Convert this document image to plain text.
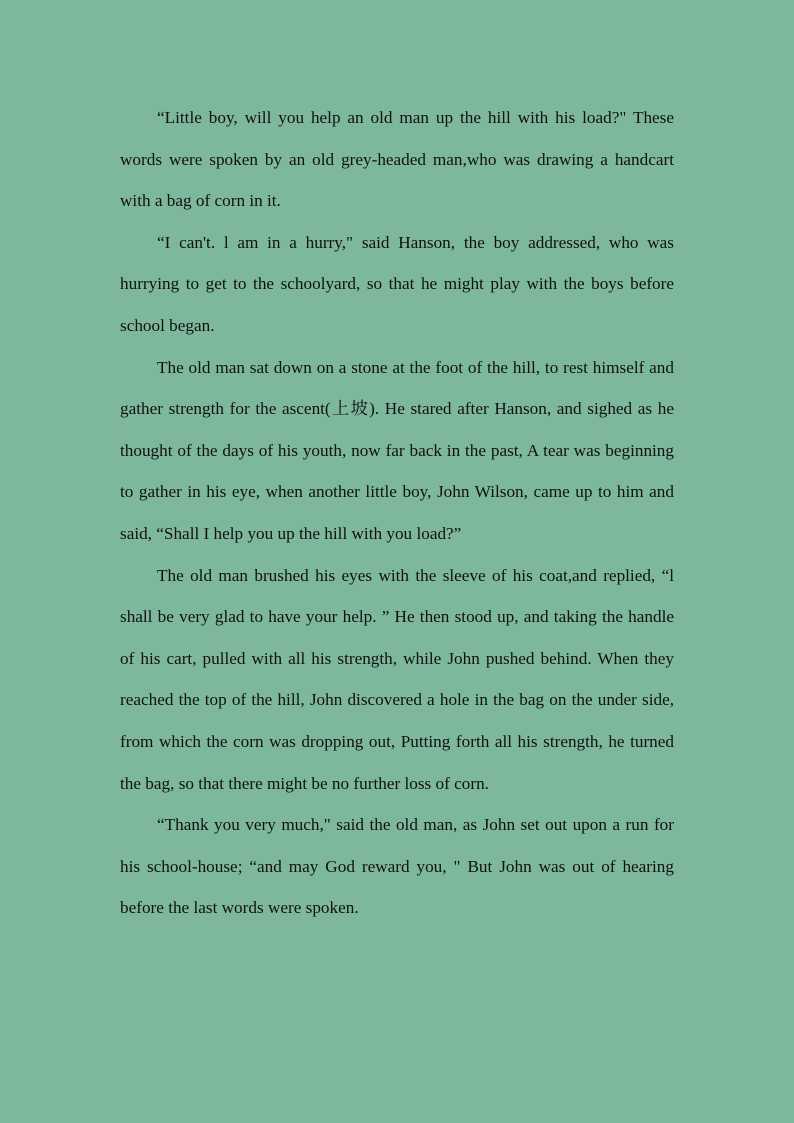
“Little boy, will you help an old man up the hill with his load?" These words were spoken by an old grey-headed man,who was drawing a handcart with a bag of corn in it.

“I can't. l am in a hurry," said Hanson, the boy addressed, who was hurrying to get to the schoolyard, so that he might play with the boys before school began.

The old man sat down on a stone at the foot of the hill, to rest himself and gather strength for the ascent(上坡). He stared after Hanson, and sighed as he thought of the days of his youth, now far back in the past, A tear was beginning to gather in his eye, when another little boy, John Wilson, came up to him and said, “Shall I help you up the hill with you load?”

The old man brushed his eyes with the sleeve of his coat,and replied, “l shall be very glad to have your help. ” He then stood up, and taking the handle of his cart, pulled with all his strength, while John pushed behind. When they reached the top of the hill, John discovered a hole in the bag on the under side, from which the corn was dropping out, Putting forth all his strength, he turned the bag, so that there might be no further loss of corn.

“Thank you very much," said the old man, as John set out upon a run for his school-house; “and may God reward you, " But John was out of hearing before the last words were spoken.
